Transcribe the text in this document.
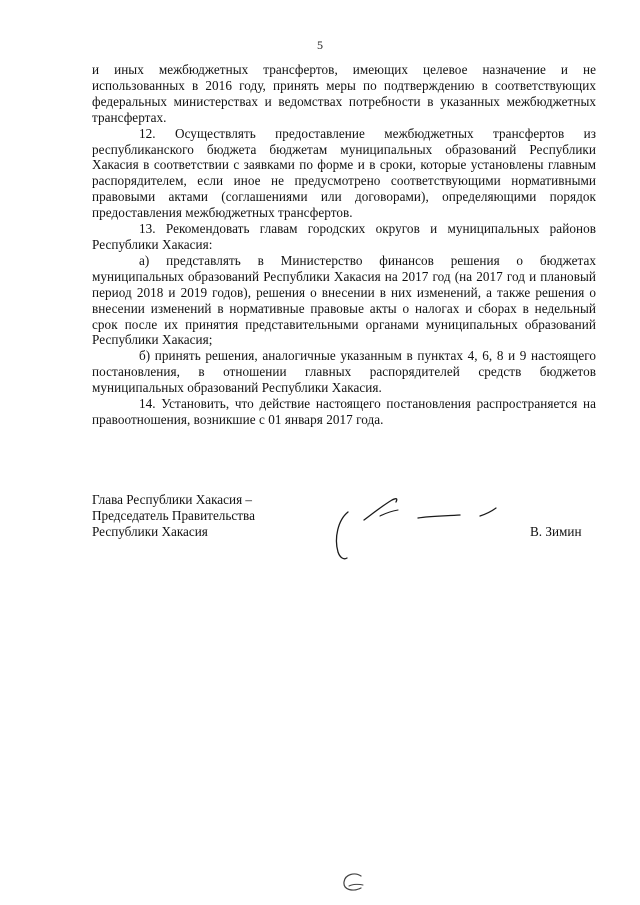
5

и иных межбюджетных трансфертов, имеющих целевое назначение и не использованных в 2016 году, принять меры по подтверждению в соответствующих федеральных министерствах и ведомствах потребности в указанных межбюджетных трансфертах.

12. Осуществлять предоставление межбюджетных трансфертов из республиканского бюджета бюджетам муниципальных образований Республики Хакасия в соответствии с заявками по форме и в сроки, которые установлены главным распорядителем, если иное не предусмотрено соответствующими нормативными правовыми актами (соглашениями или договорами), определяющими порядок предоставления межбюджетных трансфертов.

13. Рекомендовать главам городских округов и муниципальных районов Республики Хакасия:

а) представлять в Министерство финансов решения о бюджетах муниципальных образований Республики Хакасия на 2017 год (на 2017 год и плановый период 2018 и 2019 годов), решения о внесении в них изменений, а также решения о внесении изменений в нормативные правовые акты о налогах и сборах в недельный срок после их принятия представительными органами муниципальных образований Республики Хакасия;

б) принять решения, аналогичные указанным в пунктах 4, 6, 8 и 9 настоящего постановления, в отношении главных распорядителей средств бюджетов муниципальных образований Республики Хакасия.

14. Установить, что действие настоящего постановления распространяется на правоотношения, возникшие с 01 января 2017 года.

Глава Республики Хакасия –
Председатель Правительства
Республики Хакасия	В. Зимин
